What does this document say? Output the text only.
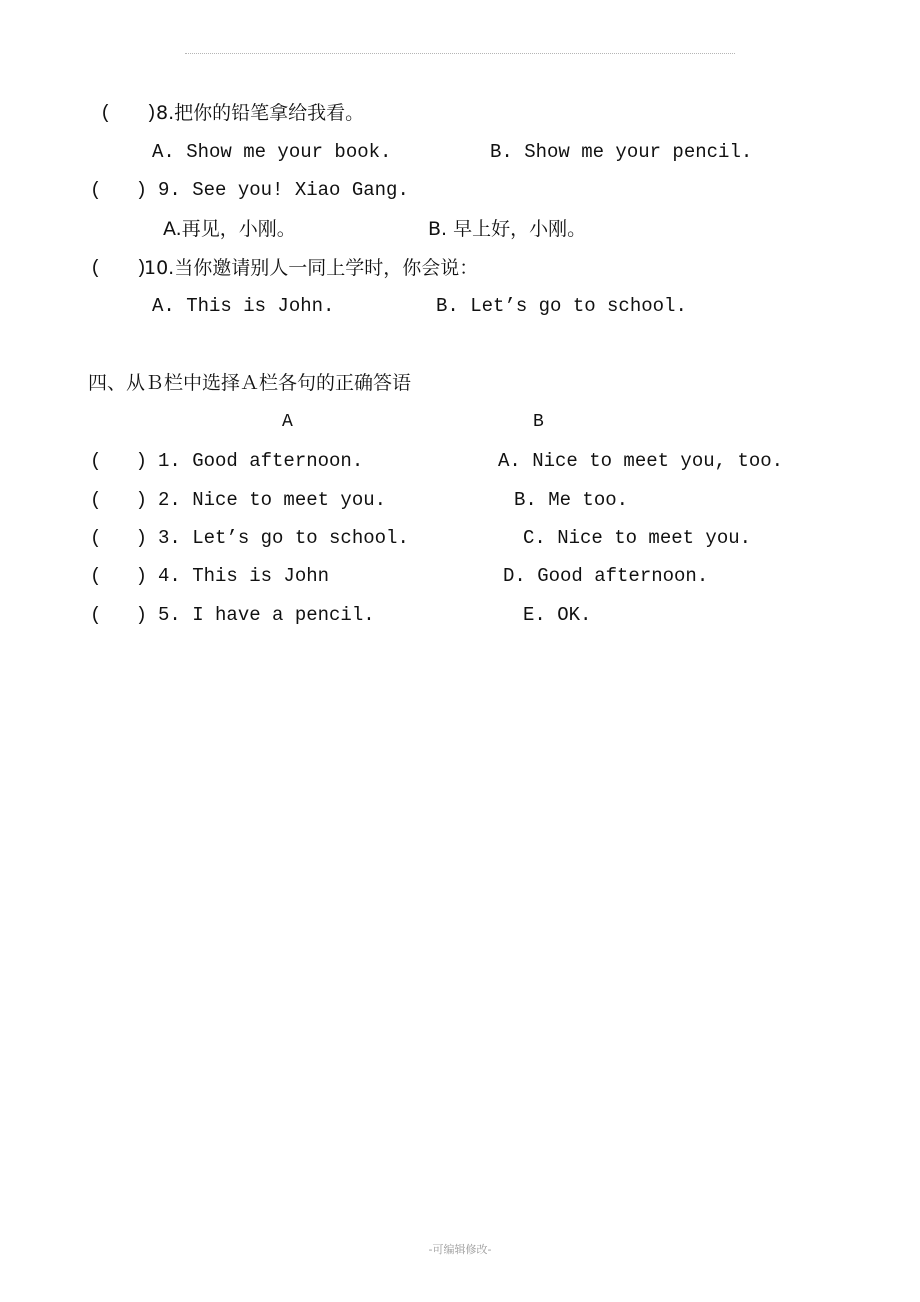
(   )
8.把你的铅笔拿给我看。
A. Show me your book.	B. Show me your pencil.
(   ) 9. See you! Xiao Gang.
A.再见，小刚。	B. 早上好，小刚。
(   )
10.当你邀请别人一同上学时，你会说：
A. This is John.	B. Let’s go to school.
四、从Ｂ栏中选择Ａ栏各句的正确答语
A	B
(   ) 1. Good afternoon.	A. Nice to meet you, too.
(   ) 2. Nice to meet you.	B. Me too.
(   ) 3. Let’s go to school.	C. Nice to meet you.
(   ) 4. This is John	D. Good afternoon.
(   ) 5. I have a pencil.	E. OK.
-可编辑修改-
